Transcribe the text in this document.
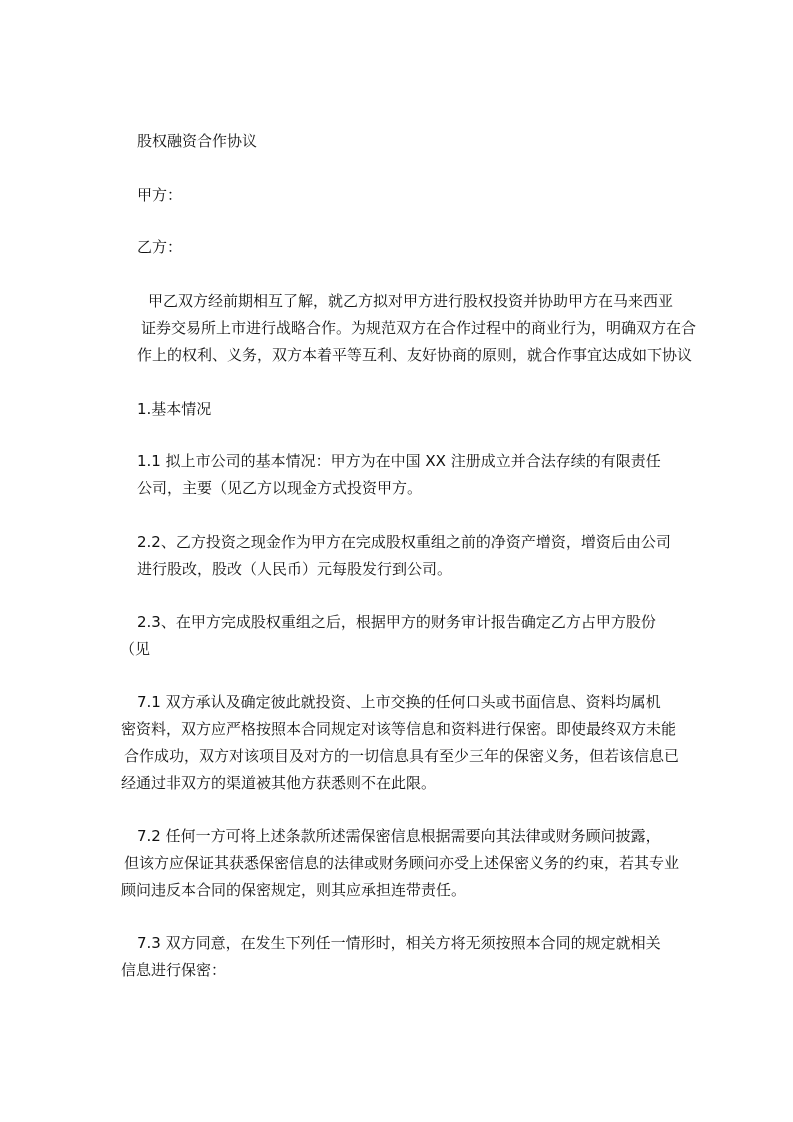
股权融资合作协议
甲方：
乙方：
甲乙双方经前期相互了解，就乙方拟对甲方进行股权投资并协助甲方在马来西亚
证券交易所上市进行战略合作。为规范双方在合作过程中的商业行为，明确双方在合
作上的权利、义务，双方本着平等互利、友好协商的原则，就合作事宜达成如下协议
1.基本情况
1.1 拟上市公司的基本情况：甲方为在中国 XX 注册成立并合法存续的有限责任
公司，主要（见乙方以现金方式投资甲方。
2.2、乙方投资之现金作为甲方在完成股权重组之前的净资产增资，增资后由公司
进行股改，股改（人民币）元每股发行到公司。
2.3、在甲方完成股权重组之后，根据甲方的财务审计报告确定乙方占甲方股份
（见
7.1 双方承认及确定彼此就投资、上市交换的任何口头或书面信息、资料均属机
密资料，双方应严格按照本合同规定对该等信息和资料进行保密。即使最终双方未能
合作成功，双方对该项目及对方的一切信息具有至少三年的保密义务，但若该信息已
经通过非双方的渠道被其他方获悉则不在此限。
7.2 任何一方可将上述条款所述需保密信息根据需要向其法律或财务顾问披露，
但该方应保证其获悉保密信息的法律或财务顾问亦受上述保密义务的约束，若其专业
顾问违反本合同的保密规定，则其应承担连带责任。
7.3 双方同意，在发生下列任一情形时，相关方将无须按照本合同的规定就相关
信息进行保密：
